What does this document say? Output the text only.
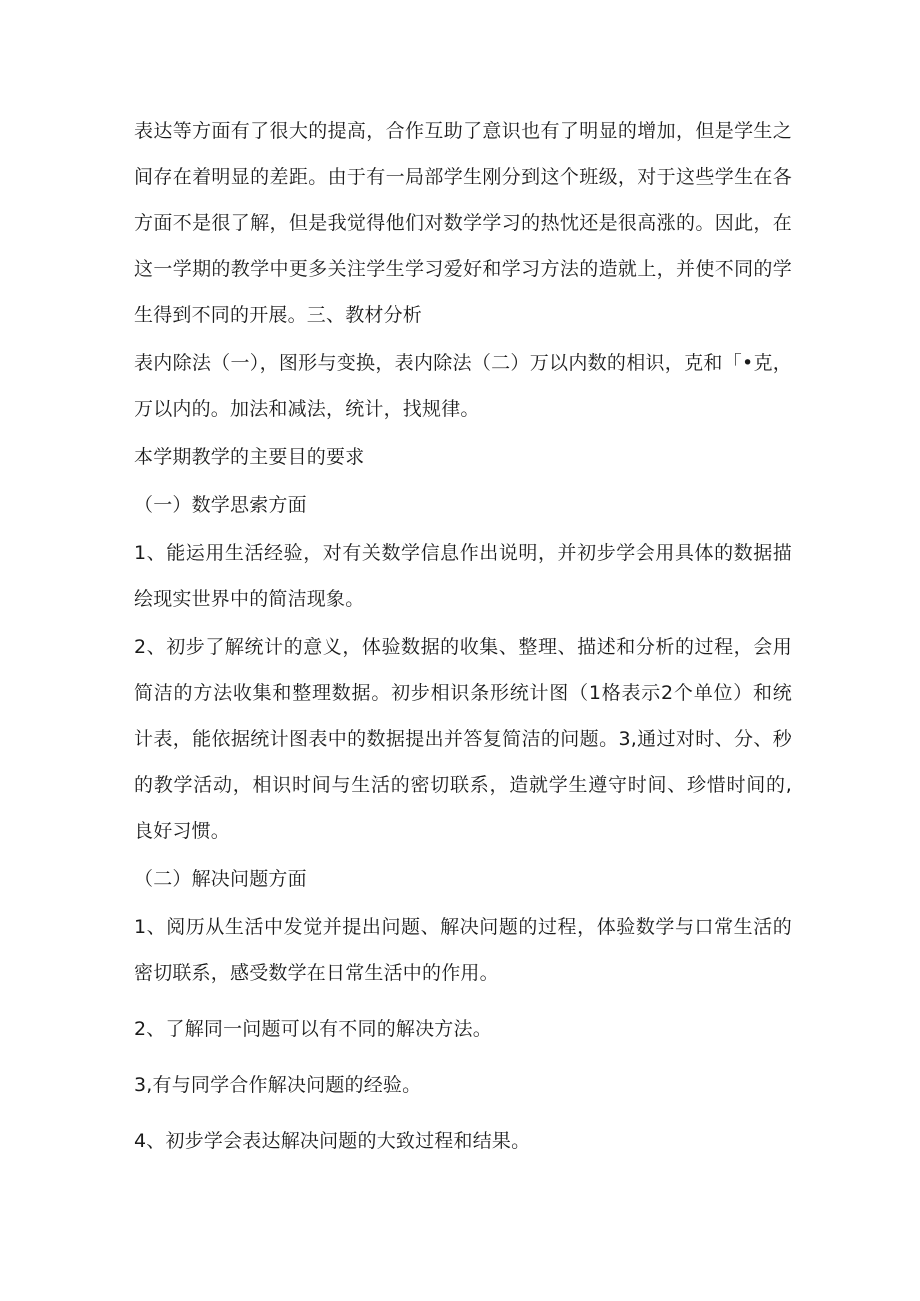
表达等方面有了很大的提高，合作互助了意识也有了明显的增加，但是学生之间存在着明显的差距。由于有一局部学生刚分到这个班级，对于这些学生在各方面不是很了解，但是我觉得他们对数学学习的热忱还是很高涨的。因此，在这一学期的教学中更多关注学生学习爱好和学习方法的造就上，并使不同的学生得到不同的开展。三、教材分析

表内除法（一），图形与变换，表内除法（二）万以内数的相识，克和「•克，万以内的。加法和减法，统计，找规律。

本学期教学的主要目的要求

（一）数学思索方面

1、能运用生活经验，对有关数学信息作出说明，并初步学会用具体的数据描绘现实世界中的简洁现象。

2、初步了解统计的意义，体验数据的收集、整理、描述和分析的过程，会用简洁的方法收集和整理数据。初步相识条形统计图（1格表示2个单位）和统计表，能依据统计图表中的数据提出并答复简洁的问题。3,通过对时、分、秒的教学活动，相识时间与生活的密切联系，造就学生遵守时间、珍惜时间的,良好习惯。

（二）解决问题方面

1、阅历从生活中发觉并提出问题、解决问题的过程，体验数学与口常生活的密切联系，感受数学在日常生活中的作用。

2、了解同一问题可以有不同的解决方法。

3,有与同学合作解决问题的经验。

4、初步学会表达解决问题的大致过程和结果。
